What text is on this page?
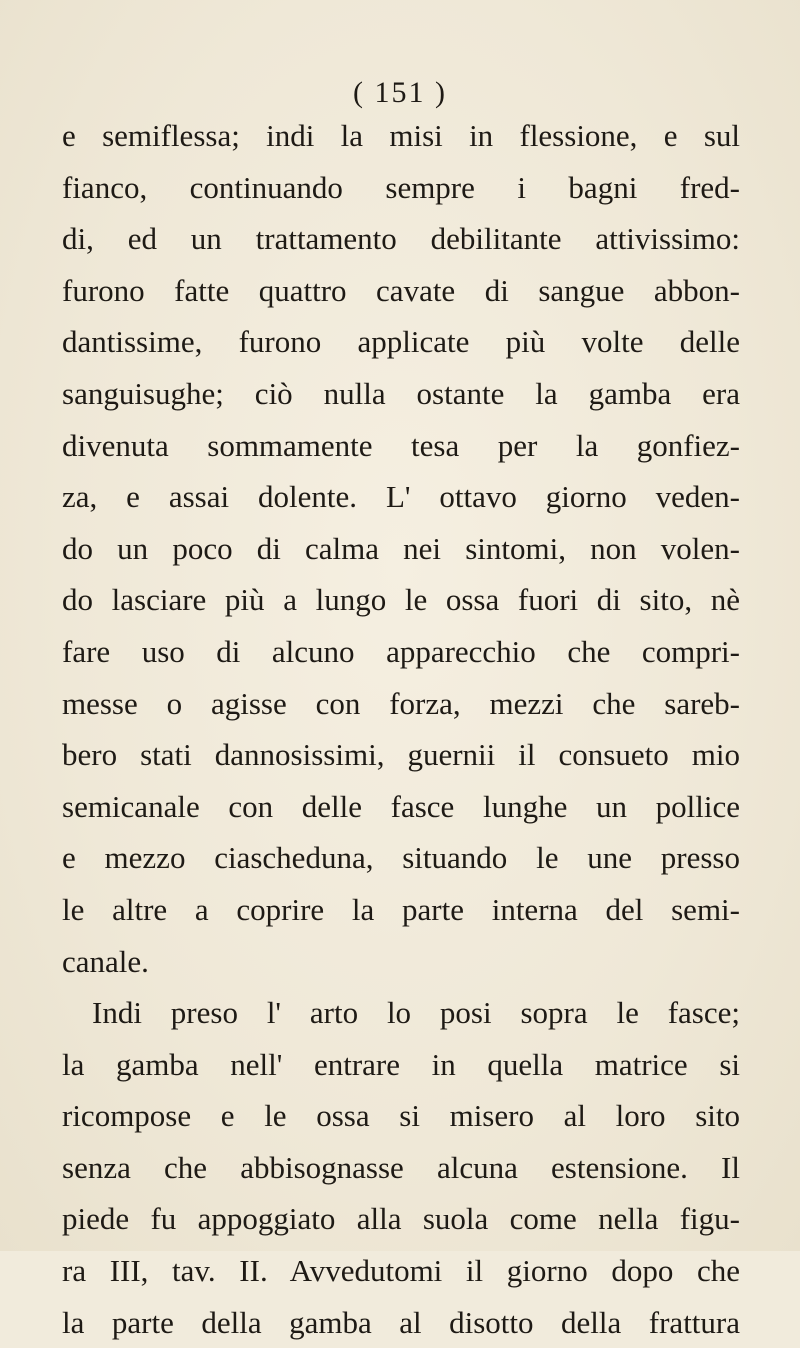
( 151 )
e semiflessa; indi la misi in flessione, e sul
fianco, continuando sempre i bagni fred-
di, ed un trattamento debilitante attivissimo:
furono fatte quattro cavate di sangue abbon-
dantissime, furono applicate più volte delle
sanguisughe; ciò nulla ostante la gamba era
divenuta sommamente tesa per la gonfiez-
za, e assai dolente. L' ottavo giorno veden-
do un poco di calma nei sintomi, non volen-
do lasciare più a lungo le ossa fuori di sito, nè
fare uso di alcuno apparecchio che compri-
messe o agisse con forza, mezzi che sareb-
bero stati dannosissimi, guernii il consueto mio
semicanale con delle fasce lunghe un pollice
e mezzo ciascheduna, situando le une presso
le altre a coprire la parte interna del semi-
canale.
Indi preso l' arto lo posi sopra le fasce;
la gamba nell' entrare in quella matrice si
ricompose e le ossa si misero al loro sito
senza che abbisognasse alcuna estensione. Il
piede fu appoggiato alla suola come nella figu-
ra III, tav. II. Avvedutomi il giorno dopo che
la parte della gamba al disotto della frattura
